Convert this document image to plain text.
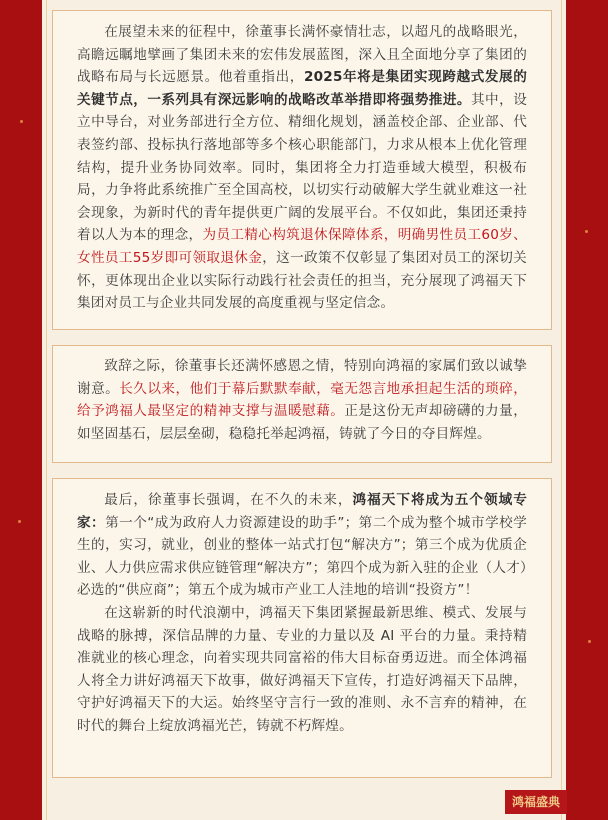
在展望未来的征程中，徐董事长满怀豪情壮志，以超凡的战略眼光，高瞻远瞩地擘画了集团未来的宏伟发展蓝图，深入且全面地分享了集团的战略布局与长远愿景。他着重指出，2025年将是集团实现跨越式发展的关键节点，一系列具有深远影响的战略改革举措即将强势推进。其中，设立中导台，对业务部进行全方位、精细化规划，涵盖校企部、企业部、代表签约部、投标执行落地部等多个核心职能部门，力求从根本上优化管理结构，提升业务协同效率。同时，集团将全力打造垂域大模型，积极布局，力争将此系统推广至全国高校，以切实行动破解大学生就业难这一社会现象，为新时代的青年提供更广阔的发展平台。不仅如此，集团还秉持着以人为本的理念，为员工精心构筑退休保障体系，明确男性员工60岁、女性员工55岁即可领取退休金，这一政策不仅彰显了集团对员工的深切关怀，更体现出企业以实际行动践行社会责任的担当，充分展现了鸿福天下集团对员工与企业共同发展的高度重视与坚定信念。

致辞之际，徐董事长还满怀感恩之情，特别向鸿福的家属们致以诚挚谢意。长久以来，他们于幕后默默奉献，毫无怨言地承担起生活的琐碎，给予鸿福人最坚定的精神支撑与温暖慰藉。正是这份无声却磅礴的力量，如坚固基石，层层垒砌，稳稳托举起鸿福，铸就了今日的夺目辉煌。

最后，徐董事长强调，在不久的未来，鸿福天下将成为五个领域专家：第一个“成为政府人力资源建设的助手”；第二个成为整个城市学校学生的，实习，就业，创业的整体一站式打包“解决方”；第三个成为优质企业、人力供应需求供应链管理“解决方”；第四个成为新入驻的企业（人才）必选的“供应商”；第五个成为城市产业工人洼地的培训“投资方”！

在这崭新的时代浪潮中，鸿福天下集团紧握最新思维、模式、发展与战略的脉搏，深信品牌的力量、专业的力量以及 AI 平台的力量。秉持精准就业的核心理念，向着实现共同富裕的伟大目标奋勇迈进。而全体鸿福人将全力讲好鸿福天下故事，做好鸿福天下宣传，打造好鸿福天下品牌，守护好鸿福天下的大运。始终坚守言行一致的准则、永不言弃的精神，在时代的舞台上绽放鸿福光芒，铸就不朽辉煌。

鸿福盛典
